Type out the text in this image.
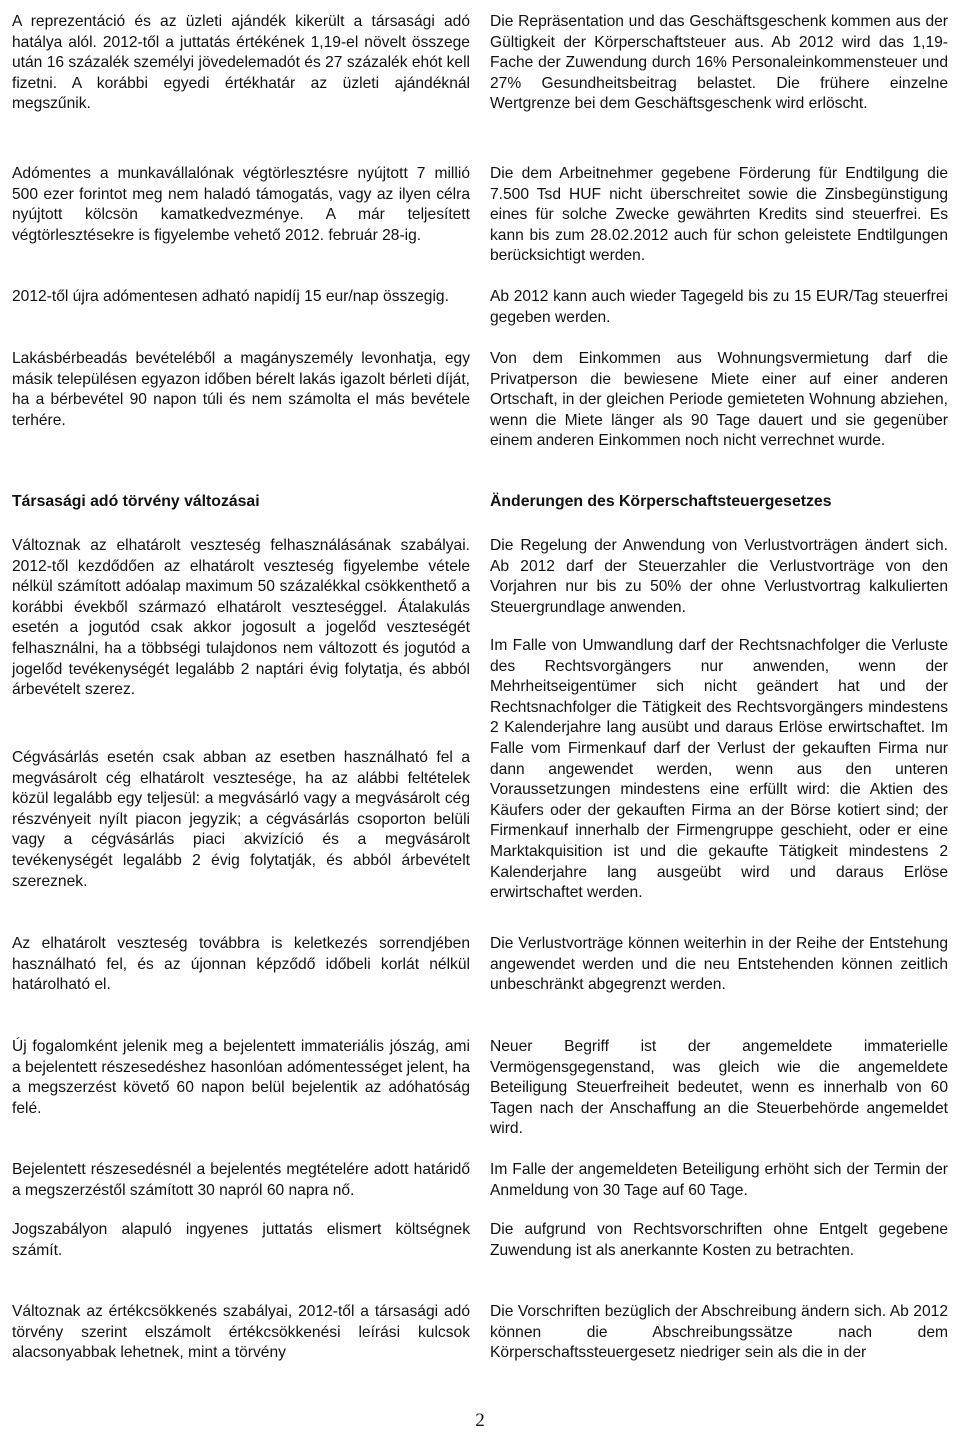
A reprezentáció és az üzleti ajándék kikerült a társasági adó hatálya alól. 2012-től a juttatás értékének 1,19-el növelt összege után 16 százalék személyi jövedelemadót és 27 százalék ehót kell fizetni. A korábbi egyedi értékhatár az üzleti ajándéknál megszűnik.

Adómentes a munkavállalónak végtörlesztésre nyújtott 7 millió 500 ezer forintot meg nem haladó támogatás, vagy az ilyen célra nyújtott kölcsön kamatkedvezménye. A már teljesített végtörlesztésekre is figyelembe vehető 2012. február 28-ig.

2012-től újra adómentesen adható napidíj 15 eur/nap összegig.

Lakásbérbeadás bevételéből a magányszemély levonhatja, egy másik településen egyazon időben bérelt lakás igazolt bérleti díját, ha a bérbevétel 90 napon túli és nem számolta el más bevétele terhére.

Társasági adó törvény változásai

Változnak az elhatárolt veszteség felhasználásának szabályai. 2012-től kezdődően az elhatárolt veszteség figyelembe vétele nélkül számított adóalap maximum 50 százalékkal csökkenthető a korábbi évekből származó elhatárolt veszteséggel. Átalakulás esetén a jogutód csak akkor jogosult a jogelőd veszteségét felhasználni, ha a többségi tulajdonos nem változott és jogutód a jogelőd tevékenységét legalább 2 naptári évig folytatja, és abból árbevételt szerez.

Cégvásárlás esetén csak abban az esetben használható fel a megvásárolt cég elhatárolt vesztesége, ha az alábbi feltételek közül legalább egy teljesül: a megvásárló vagy a megvásárolt cég részvényeit nyílt piacon jegyzik; a cégvásárlás csoporton belüli vagy a cégvásárlás piaci akvizíció és a megvásárolt tevékenységét legalább 2 évig folytatják, és abból árbevételt szereznek.

Az elhatárolt veszteség továbbra is keletkezés sorrendjében használható fel, és az újonnan képződő időbeli korlát nélkül határolható el.

Új fogalomként jelenik meg a bejelentett immateriális jószág, ami a bejelentett részesedéshez hasonlóan adómentességet jelent, ha a megszerzést követő 60 napon belül bejelentik az adóhatóság felé.

Bejelentett részesedésnél a bejelentés megtételére adott határidő a megszerzéstől számított 30 napról 60 napra nő.

Jogszabályon alapuló ingyenes juttatás elismert költségnek számít.

Változnak az értékcsökkenés szabályai, 2012-től a társasági adó törvény szerint elszámolt értékcsökkenési leírási kulcsok alacsonyabbak lehetnek, mint a törvény

Die Repräsentation und das Geschäftsgeschenk kommen aus der Gültigkeit der Körperschaftsteuer aus. Ab 2012 wird das 1,19-Fache der Zuwendung durch 16% Personaleinkommensteuer und 27% Gesundheitsbeitrag belastet. Die frühere einzelne Wertgrenze bei dem Geschäftsgeschenk wird erlöscht.

Die dem Arbeitnehmer gegebene Förderung für Endtilgung die 7.500 Tsd HUF nicht überschreitet sowie die Zinsbegünstigung eines für solche Zwecke gewährten Kredits sind steuerfrei. Es kann bis zum 28.02.2012 auch für schon geleistete Endtilgungen berücksichtigt werden.

Ab 2012 kann auch wieder Tagegeld bis zu 15 EUR/Tag steuerfrei gegeben werden.

Von dem Einkommen aus Wohnungsvermietung darf die Privatperson die bewiesene Miete einer auf einer anderen Ortschaft, in der gleichen Periode gemieteten Wohnung abziehen, wenn die Miete länger als 90 Tage dauert und sie gegenüber einem anderen Einkommen noch nicht verrechnet wurde.

Änderungen des Körperschaftsteuergesetzes

Die Regelung der Anwendung von Verlustvorträgen ändert sich. Ab 2012 darf der Steuerzahler die Verlustvorträge von den Vorjahren nur bis zu 50% der ohne Verlustvortrag kalkulierten Steuergrundlage anwenden.

Im Falle von Umwandlung darf der Rechtsnachfolger die Verluste des Rechtsvorgängers nur anwenden, wenn der Mehrheitseigentümer sich nicht geändert hat und der Rechtsnachfolger die Tätigkeit des Rechtsvorgängers mindestens 2 Kalenderjahre lang ausübt und daraus Erlöse erwirtschaftet. Im Falle vom Firmenkauf darf der Verlust der gekauften Firma nur dann angewendet werden, wenn aus den unteren Voraussetzungen mindestens eine erfüllt wird: die Aktien des Käufers oder der gekauften Firma an der Börse kotiert sind; der Firmenkauf innerhalb der Firmengruppe geschieht, oder er eine Marktakquisition ist und die gekaufte Tätigkeit mindestens 2 Kalenderjahre lang ausgeübt wird und daraus Erlöse erwirtschaftet werden.

Die Verlustvorträge können weiterhin in der Reihe der Entstehung angewendet werden und die neu Entstehenden können zeitlich unbeschränkt abgegrenzt werden.

Neuer Begriff ist der angemeldete immaterielle Vermögensgegenstand, was gleich wie die angemeldete Beteiligung Steuerfreiheit bedeutet, wenn es innerhalb von 60 Tagen nach der Anschaffung an die Steuerbehörde angemeldet wird.

Im Falle der angemeldeten Beteiligung erhöht sich der Termin der Anmeldung von 30 Tage auf 60 Tage.

Die aufgrund von Rechtsvorschriften ohne Entgelt gegebene Zuwendung ist als anerkannte Kosten zu betrachten.

Die Vorschriften bezüglich der Abschreibung ändern sich. Ab 2012 können die Abschreibungssätze nach dem Körperschaftssteuergesetz niedriger sein als die in der

2
